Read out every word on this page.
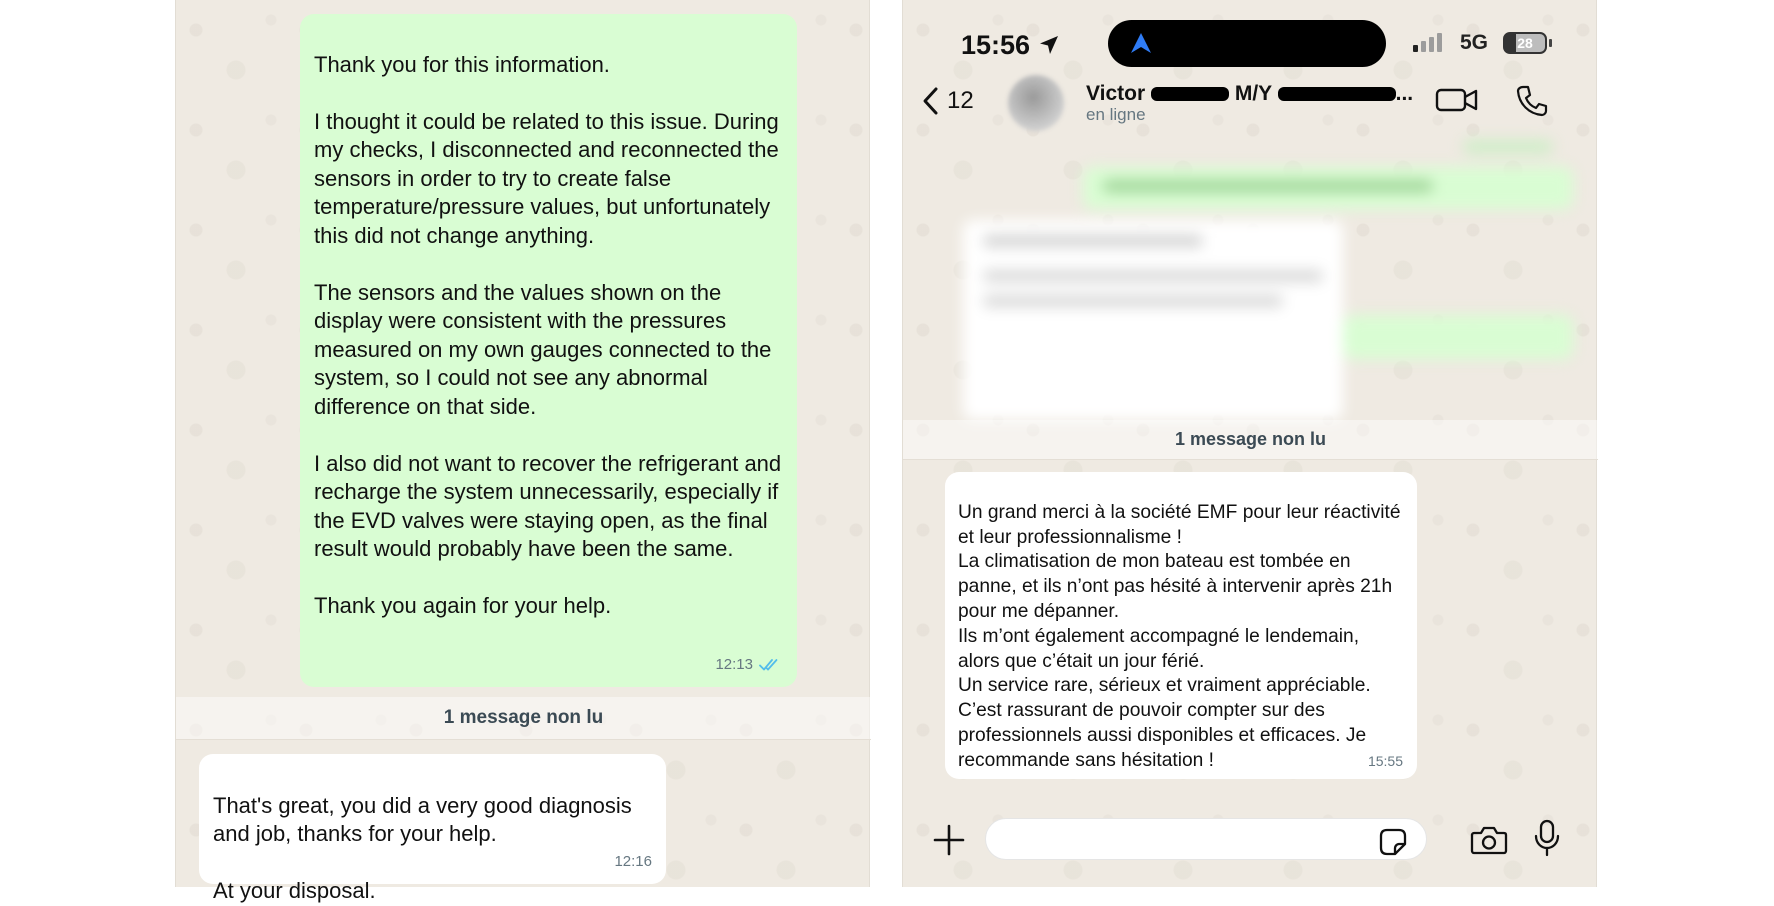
Thank you for this information.

I thought it could be related to this issue. During my checks, I disconnected and reconnected the sensors in order to try to create false temperature/pressure values, but unfortunately this did not change anything.

The sensors and the values shown on the display were consistent with the pressures measured on my own gauges connected to the system, so I could not see any abnormal difference on that side.

I also did not want to recover the refrigerant and recharge the system unnecessarily, especially if the EVD valves were staying open, as the final result would probably have been the same.

Thank you again for your help.

12:13

1 message non lu

That's great, you did a very good diagnosis and job, thanks for your help.

At your disposal.

12:16

15:56	5G	28
12	Victor	M/Y	...
en ligne
1 message non lu

Un grand merci à la société EMF pour leur réactivité et leur professionnalisme !
La climatisation de mon bateau est tombée en panne, et ils n’ont pas hésité à intervenir après 21h pour me dépanner.
Ils m’ont également accompagné le lendemain, alors que c’était un jour férié.
Un service rare, sérieux et vraiment appréciable. C’est rassurant de pouvoir compter sur des professionnels aussi disponibles et efficaces. Je recommande sans hésitation !	15:55
